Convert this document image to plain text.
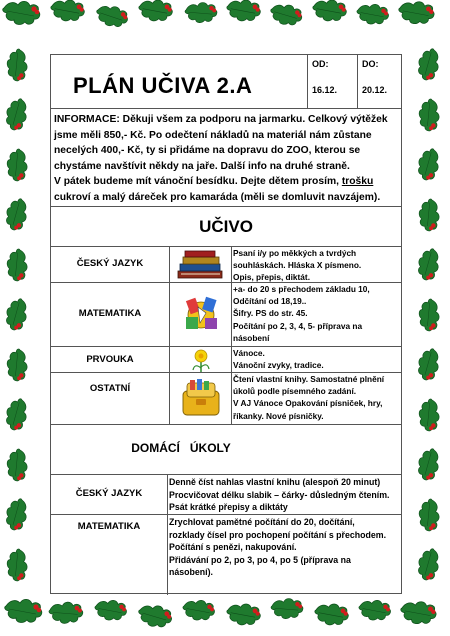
PLÁN UČIVA 2.A
OD:
16.12.
DO:
20.12.
INFORMACE: Děkuji všem za podporu na jarmarku. Celkový výtěžek
jsme měli 850,- Kč. Po odečtení nákladů na materiál nám zůstane
necelých 400,- Kč, ty si přidáme na dopravu do ZOO, kterou se
chystáme navštívit někdy na jaře. Další info na druhé straně.
V pátek budeme mít vánoční besídku. Dejte dětem prosím, trošku
cukroví a malý dáreček pro kamaráda (měli se domluvit navzájem).
UČIVO
ČESKÝ JAZYK
Psaní i/y po měkkých a tvrdých
souhláskách. Hláska X písmeno.
Opis, přepis, diktát.
MATEMATIKA
+a- do 20 s přechodem základu 10,
Odčítání od 18,19..
Šifry. PS do str. 45.
Počítání po 2, 3, 4, 5- příprava na
násobení
PRVOUKA
Vánoce.
Vánoční zvyky, tradice.
OSTATNÍ
Čtení vlastní knihy. Samostatné plnění
úkolů podle písemného zadání.
V AJ Vánoce Opakování písniček, hry,
říkanky. Nové písničky.
DOMÁCÍ   ÚKOLY
ČESKÝ JAZYK
Denně číst nahlas vlastní knihu (alespoň 20 minut)
Procvičovat délku slabik – čárky- důsledným čtením.
Psát krátké přepisy a diktáty
MATEMATIKA	Zrychlovat pamětné počítání do 20, dočítání,
rozklady čísel pro pochopení počítání s přechodem.
Počítání s penězi, nakupování.
Přidávání po 2, po 3, po 4, po 5 (příprava na
násobení).
